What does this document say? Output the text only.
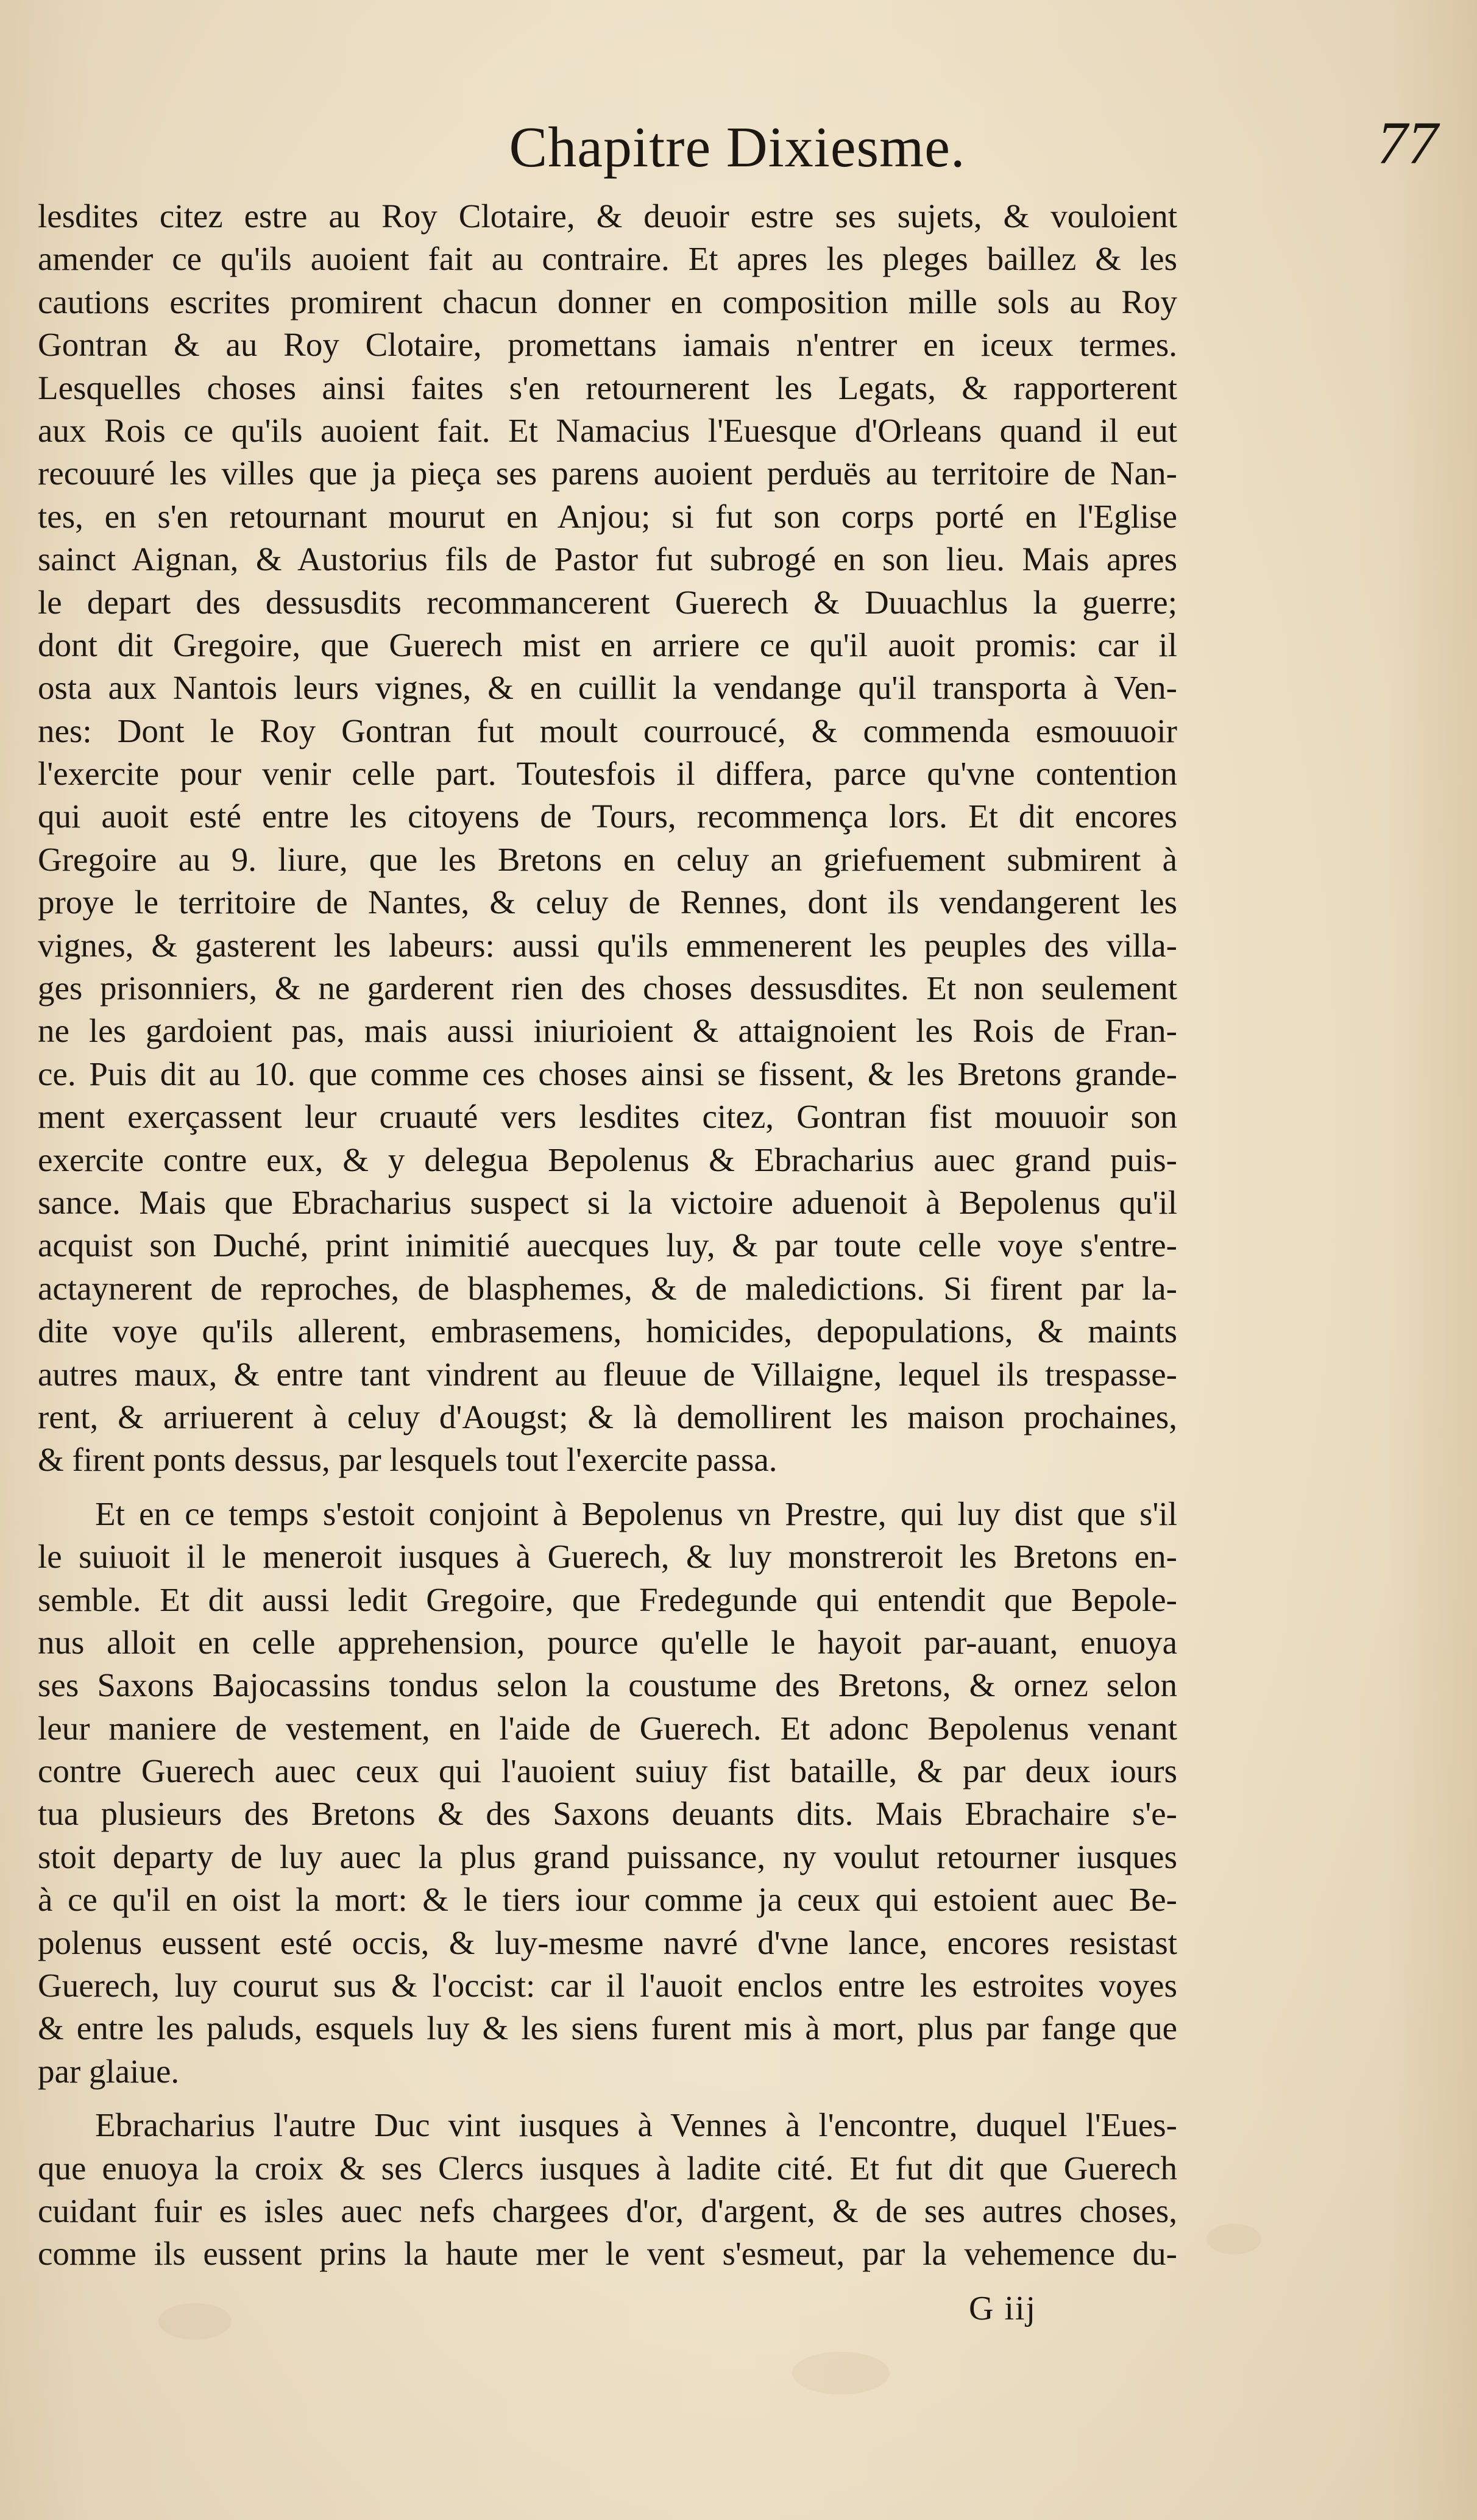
Chapitre Dixiesme.	77
lesdites citez estre au Roy Clotaire, & deuoir estre ses sujets, & vouloient
amender ce qu'ils auoient fait au contraire. Et apres les pleges baillez & les
cautions escrites promirent chacun donner en composition mille sols au Roy
Gontran & au Roy Clotaire, promettans iamais n'entrer en iceux termes.
Lesquelles choses ainsi faites s'en retournerent les Legats, & rapporterent
aux Rois ce qu'ils auoient fait. Et Namacius l'Euesque d'Orleans quand il eut
recouuré les villes que ja pieça ses parens auoient perduës au territoire de Nan-
tes, en s'en retournant mourut en Anjou; si fut son corps porté en l'Eglise
sainct Aignan, & Austorius fils de Pastor fut subrogé en son lieu. Mais apres
le depart des dessusdits recommancerent Guerech & Duuachlus la guerre;
dont dit Gregoire, que Guerech mist en arriere ce qu'il auoit promis: car il
osta aux Nantois leurs vignes, & en cuillit la vendange qu'il transporta à Ven-
nes: Dont le Roy Gontran fut moult courroucé, & commenda esmouuoir
l'exercite pour venir celle part. Toutesfois il differa, parce qu'vne contention
qui auoit esté entre les citoyens de Tours, recommença lors. Et dit encores
Gregoire au 9. liure, que les Bretons en celuy an griefuement submirent à
proye le territoire de Nantes, & celuy de Rennes, dont ils vendangerent les
vignes, & gasterent les labeurs: aussi qu'ils emmenerent les peuples des villa-
ges prisonniers, & ne garderent rien des choses dessusdites. Et non seulement
ne les gardoient pas, mais aussi iniurioient & attaignoient les Rois de Fran-
ce. Puis dit au 10. que comme ces choses ainsi se fissent, & les Bretons grande-
ment exerçassent leur cruauté vers lesdites citez, Gontran fist mouuoir son
exercite contre eux, & y delegua Bepolenus & Ebracharius auec grand puis-
sance. Mais que Ebracharius suspect si la victoire aduenoit à Bepolenus qu'il
acquist son Duché, print inimitié auecques luy, & par toute celle voye s'entre-
actaynerent de reproches, de blasphemes, & de maledictions. Si firent par la-
dite voye qu'ils allerent, embrasemens, homicides, depopulations, & maints
autres maux, & entre tant vindrent au fleuue de Villaigne, lequel ils trespasse-
rent, & arriuerent à celuy d'Aougst; & là demollirent les maison prochaines,
& firent ponts dessus, par lesquels tout l'exercite passa.
Et en ce temps s'estoit conjoint à Bepolenus vn Prestre, qui luy dist que s'il
le suiuoit il le meneroit iusques à Guerech, & luy monstreroit les Bretons en-
semble. Et dit aussi ledit Gregoire, que Fredegunde qui entendit que Bepole-
nus alloit en celle apprehension, pource qu'elle le hayoit par-auant, enuoya
ses Saxons Bajocassins tondus selon la coustume des Bretons, & ornez selon
leur maniere de vestement, en l'aide de Guerech. Et adonc Bepolenus venant
contre Guerech auec ceux qui l'auoient suiuy fist bataille, & par deux iours
tua plusieurs des Bretons & des Saxons deuants dits. Mais Ebrachaire s'e-
stoit departy de luy auec la plus grand puissance, ny voulut retourner iusques
à ce qu'il en oist la mort: & le tiers iour comme ja ceux qui estoient auec Be-
polenus eussent esté occis, & luy-mesme navré d'vne lance, encores resistast
Guerech, luy courut sus & l'occist: car il l'auoit enclos entre les estroites voyes
& entre les paluds, esquels luy & les siens furent mis à mort, plus par fange que
par glaiue.
Ebracharius l'autre Duc vint iusques à Vennes à l'encontre, duquel l'Eues-
que enuoya la croix & ses Clercs iusques à ladite cité. Et fut dit que Guerech
cuidant fuir es isles auec nefs chargees d'or, d'argent, & de ses autres choses,
comme ils eussent prins la haute mer le vent s'esmeut, par la vehemence du-
G iij
